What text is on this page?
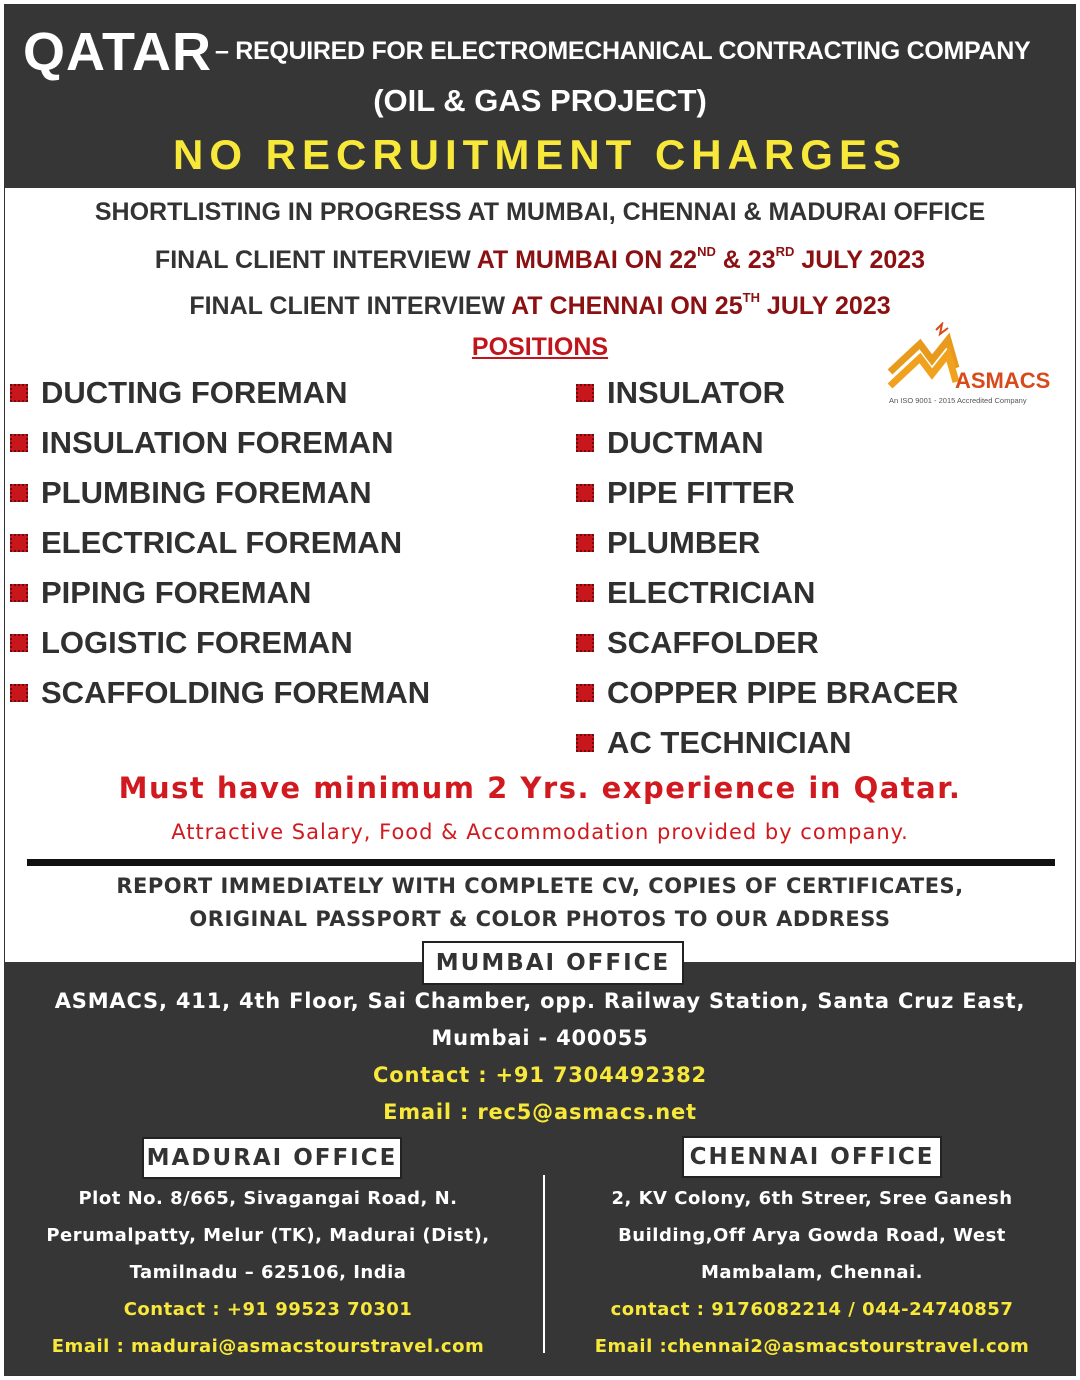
QATAR – REQUIRED FOR ELECTROMECHANICAL CONTRACTING COMPANY
(OIL & GAS PROJECT)
NO RECRUITMENT CHARGES
SHORTLISTING IN PROGRESS AT MUMBAI, CHENNAI & MADURAI OFFICE
FINAL CLIENT INTERVIEW AT MUMBAI ON 22ND & 23RD JULY 2023
FINAL CLIENT INTERVIEW AT CHENNAI ON 25TH JULY 2023
POSITIONS
ASMACS
An ISO 9001 - 2015 Accredited Company
DUCTING FOREMAN
INSULATION FOREMAN
PLUMBING FOREMAN
ELECTRICAL FOREMAN
PIPING FOREMAN
LOGISTIC FOREMAN
SCAFFOLDING FOREMAN
INSULATOR
DUCTMAN
PIPE FITTER
PLUMBER
ELECTRICIAN
SCAFFOLDER
COPPER PIPE BRACER
AC TECHNICIAN
Must have minimum 2 Yrs. experience in Qatar.
Attractive Salary, Food & Accommodation provided by company.
REPORT IMMEDIATELY WITH COMPLETE CV, COPIES OF CERTIFICATES,
ORIGINAL PASSPORT & COLOR PHOTOS TO OUR ADDRESS
MUMBAI OFFICE
ASMACS, 411, 4th Floor, Sai Chamber, opp. Railway Station, Santa Cruz East,
Mumbai - 400055
Contact : +91 7304492382
Email : rec5@asmacs.net
MADURAI OFFICE	CHENNAI OFFICE
Plot No. 8/665, Sivagangai Road, N.
Perumalpatty, Melur (TK), Madurai (Dist),
Tamilnadu – 625106, India
Contact : +91 99523 70301
Email : madurai@asmacstourstravel.com
2, KV Colony, 6th Streer, Sree Ganesh
Building,Off Arya Gowda Road, West
Mambalam, Chennai.
contact : 9176082214 / 044-24740857
Email :chennai2@asmacstourstravel.com
